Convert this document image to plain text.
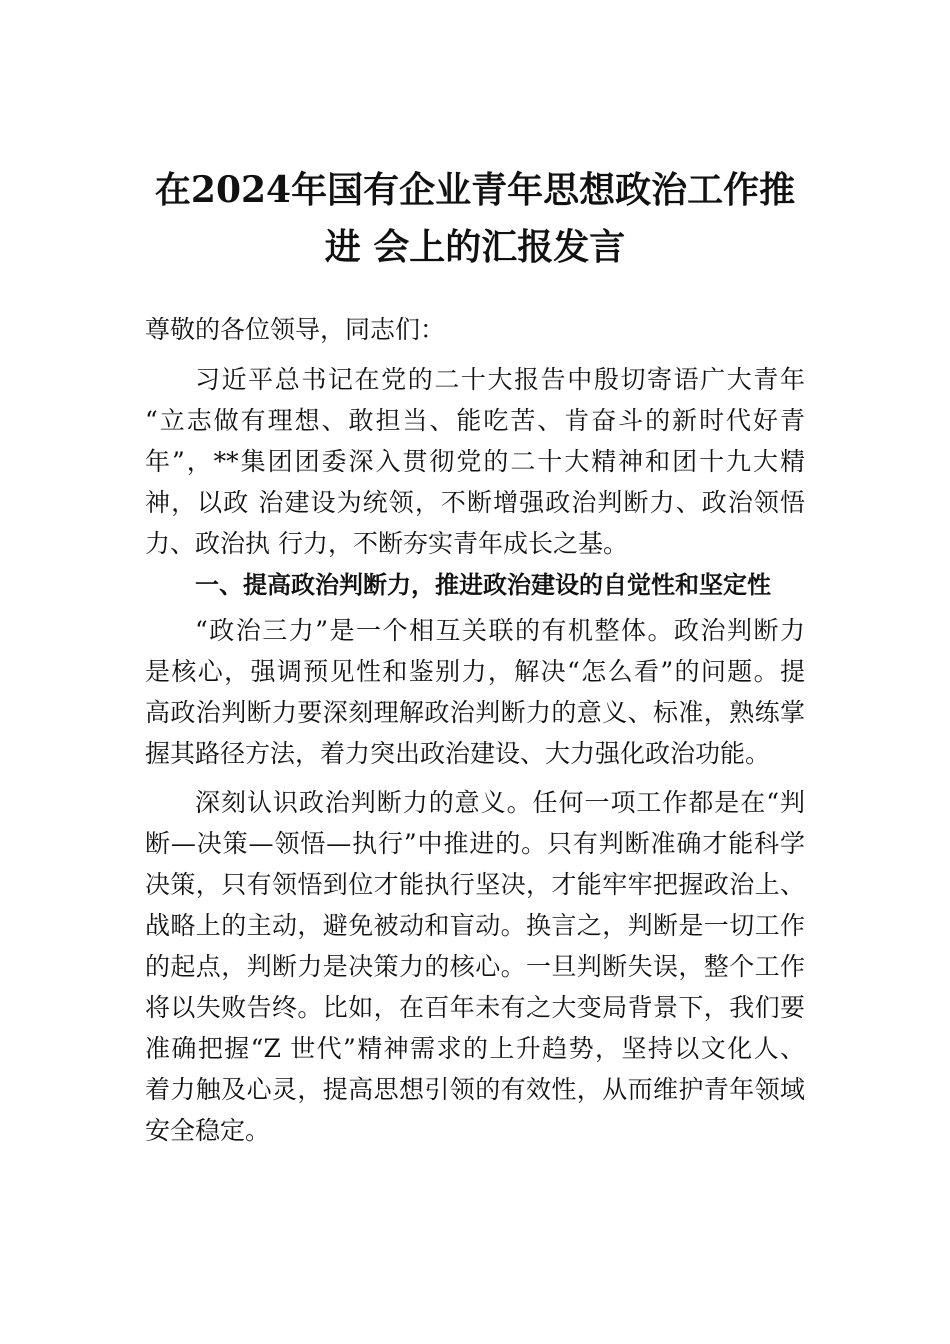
在2024年国有企业青年思想政治工作推
进 会上的汇报发言
尊敬的各位领导，同志们：
习近平总书记在党的二十大报告中殷切寄语广大青年
“立志做有理想、敢担当、能吃苦、肯奋斗的新时代好青
年”，**集团团委深入贯彻党的二十大精神和团十九大精
神，以政 治建设为统领，不断增强政治判断力、政治领悟
力、政治执 行力，不断夯实青年成长之基。
一、提高政治判断力，推进政治建设的自觉性和坚定性
“政治三力”是一个相互关联的有机整体。政治判断力
是核心，强调预见性和鉴别力，解决“怎么看”的问题。提
高政治判断力要深刻理解政治判断力的意义、标准，熟练掌
握其路径方法，着力突出政治建设、大力强化政治功能。
深刻认识政治判断力的意义。任何一项工作都是在“判
断—决策—领悟—执行”中推进的。只有判断准确才能科学
决策，只有领悟到位才能执行坚决，才能牢牢把握政治上、
战略上的主动，避免被动和盲动。换言之，判断是一切工作
的起点，判断力是决策力的核心。一旦判断失误，整个工作
将以失败告终。比如，在百年未有之大变局背景下，我们要
准确把握“Z 世代”精神需求的上升趋势，坚持以文化人、
着力触及心灵，提高思想引领的有效性，从而维护青年领域
安全稳定。
